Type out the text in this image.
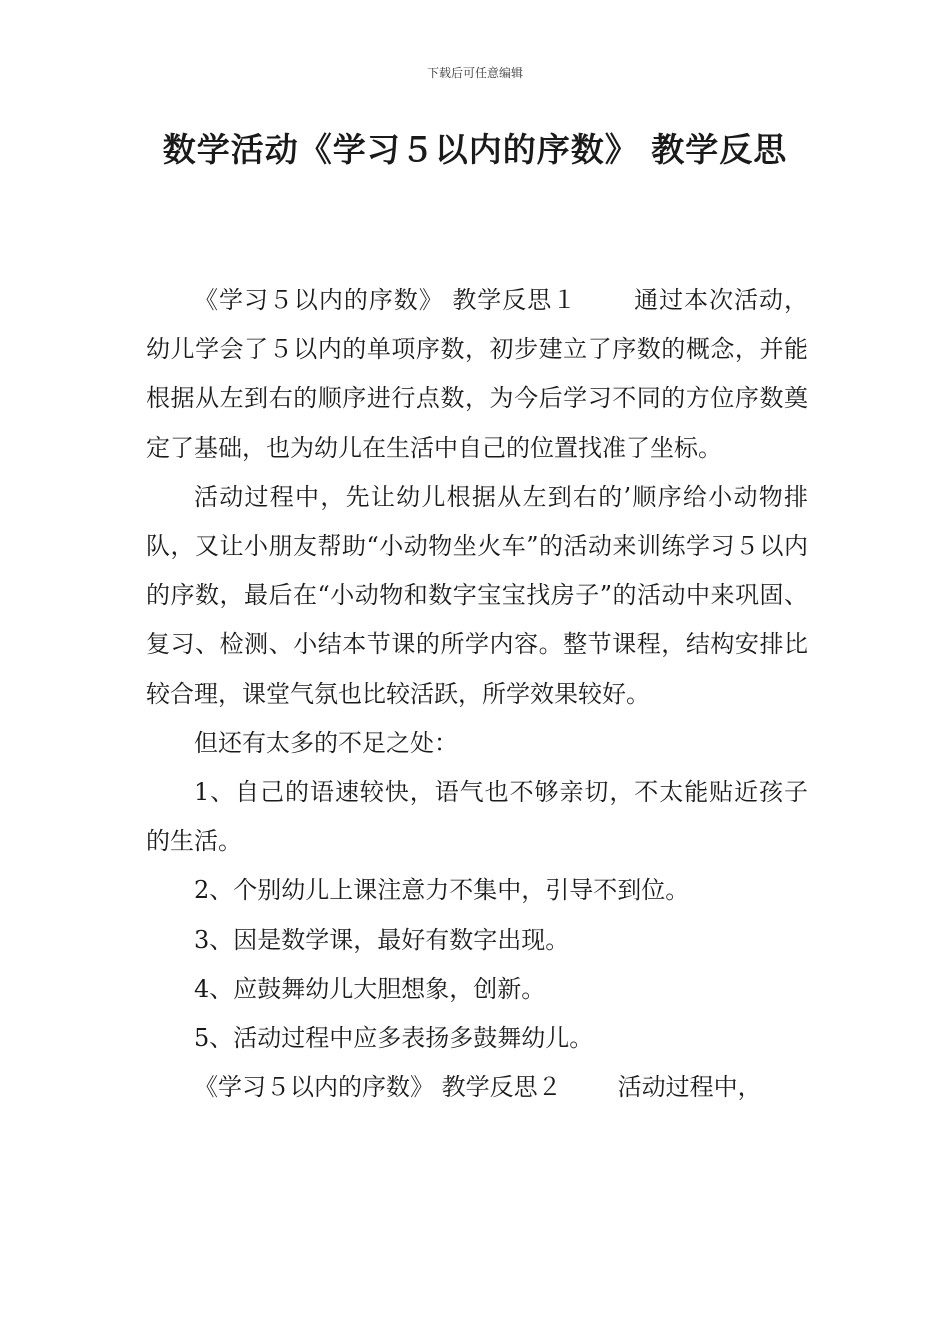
下载后可任意编辑
数学活动《学习５以内的序数》 教学反思

《学习５以内的序数》 教学反思１ 通过本次活动，幼儿学会了５以内的单项序数，初步建立了序数的概念，并能根据从左到右的顺序进行点数，为今后学习不同的方位序数奠定了基础，也为幼儿在生活中自己的位置找准了坐标。

活动过程中，先让幼儿根据从左到右的’顺序给小动物排队，又让小朋友帮助“小动物坐火车”的活动来训练学习５以内的序数，最后在“小动物和数字宝宝找房子”的活动中来巩固、复习、检测、小结本节课的所学内容。整节课程，结构安排比较合理，课堂气氛也比较活跃，所学效果较好。

但还有太多的不足之处：

1、自己的语速较快，语气也不够亲切，不太能贴近孩子的生活。

2、个别幼儿上课注意力不集中，引导不到位。

3、因是数学课，最好有数字出现。

4、应鼓舞幼儿大胆想象，创新。

5、活动过程中应多表扬多鼓舞幼儿。

《学习５以内的序数》 教学反思２ 活动过程中，
